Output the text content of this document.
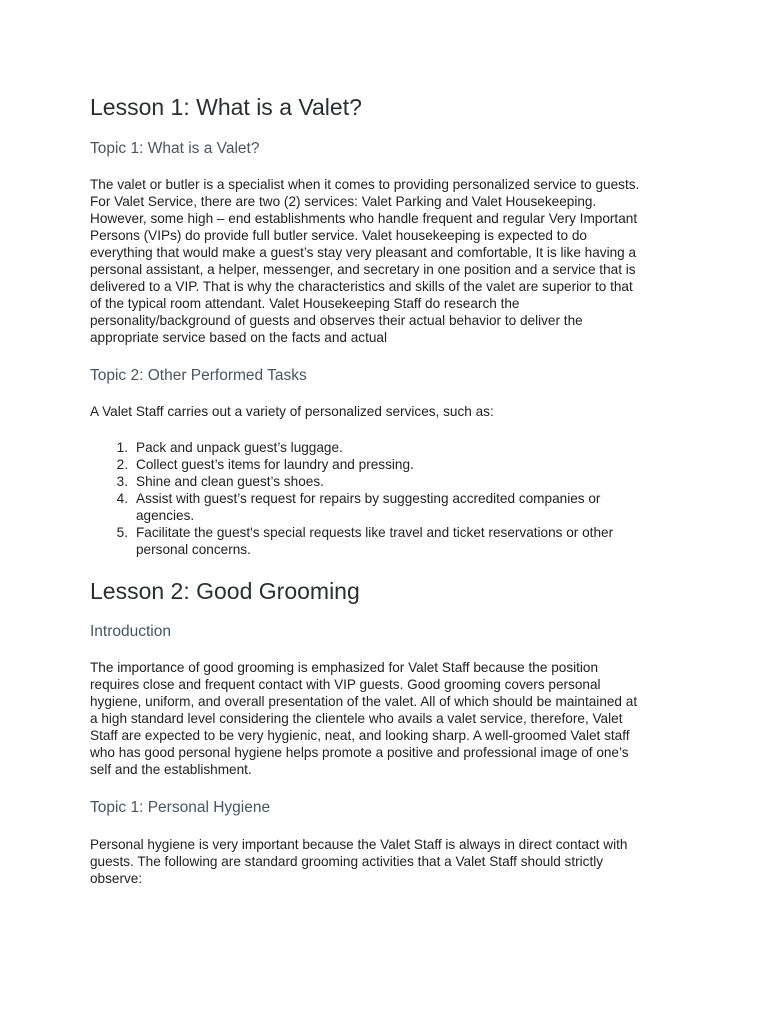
Lesson 1: What is a Valet?
Topic 1: What is a Valet?

The valet or butler is a specialist when it comes to providing personalized service to guests.

For Valet Service, there are two (2) services: Valet Parking and Valet Housekeeping.

However, some high – end establishments who handle frequent and regular Very Important

Persons (VIPs) do provide full butler service. Valet housekeeping is expected to do

everything that would make a guest’s stay very pleasant and comfortable, It is like having a

personal assistant, a helper, messenger, and secretary in one position and a service that is

delivered to a VIP. That is why the characteristics and skills of the valet are superior to that

of the typical room attendant. Valet Housekeeping Staff do research the

personality/background of guests and observes their actual behavior to deliver the

appropriate service based on the facts and actual

Topic 2: Other Performed Tasks

A Valet Staff carries out a variety of personalized services, such as:

1. Pack and unpack guest’s luggage.
2. Collect guest’s items for laundry and pressing.
3. Shine and clean guest’s shoes.
4. Assist with guest’s request for repairs by suggesting accredited companies or
agencies.
5. Facilitate the guest's special requests like travel and ticket reservations or other
personal concerns.
Lesson 2: Good Grooming
Introduction

The importance of good grooming is emphasized for Valet Staff because the position

requires close and frequent contact with VIP guests. Good grooming covers personal

hygiene, uniform, and overall presentation of the valet. All of which should be maintained at

a high standard level considering the clientele who avails a valet service, therefore, Valet

Staff are expected to be very hygienic, neat, and looking sharp. A well-groomed Valet staff

who has good personal hygiene helps promote a positive and professional image of one’s

self and the establishment.

Topic 1: Personal Hygiene

Personal hygiene is very important because the Valet Staff is always in direct contact with

guests. The following are standard grooming activities that a Valet Staff should strictly

observe:
